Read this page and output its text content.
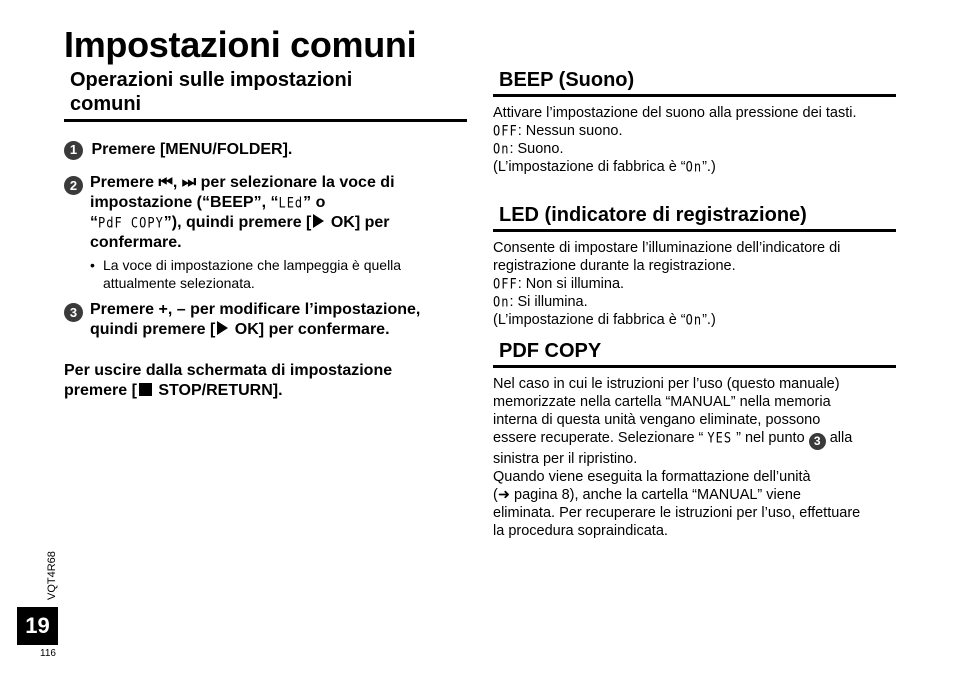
Impostazioni comuni
Operazioni sulle impostazioni
comuni
1 Premere [MENU/FOLDER].
2 Premere ⏮, ⏭ per selezionare la voce di
impostazione (“BEEP”, “LEd” o
“PdF COPY”), quindi premere [ OK] per
confermare.
• La voce di impostazione che lampeggia è quella
attualmente selezionata.
3 Premere +, – per modificare l’impostazione,
quindi premere [ OK] per confermare.
Per uscire dalla schermata di impostazione
premere [ STOP/RETURN].
BEEP (Suono)
Attivare l’impostazione del suono alla pressione dei tasti.
OFF: Nessun suono.
On: Suono.
(L’impostazione di fabbrica è “On”.)
LED (indicatore di registrazione)
Consente di impostare l’illuminazione dell’indicatore di
registrazione durante la registrazione.
OFF: Non si illumina.
On: Si illumina.
(L’impostazione di fabbrica è “On”.)
PDF COPY
Nel caso in cui le istruzioni per l’uso (questo manuale)
memorizzate nella cartella “MANUAL” nella memoria
interna di questa unità vengano eliminate, possono
essere recuperate. Selezionare “ YES ” nel punto 3 alla
sinistra per il ripristino.
Quando viene eseguita la formattazione dell’unità
(➜ pagina 8), anche la cartella “MANUAL” viene
eliminata. Per recuperare le istruzioni per l’uso, effettuare
la procedura sopraindicata.
VQT4R68
19
116
